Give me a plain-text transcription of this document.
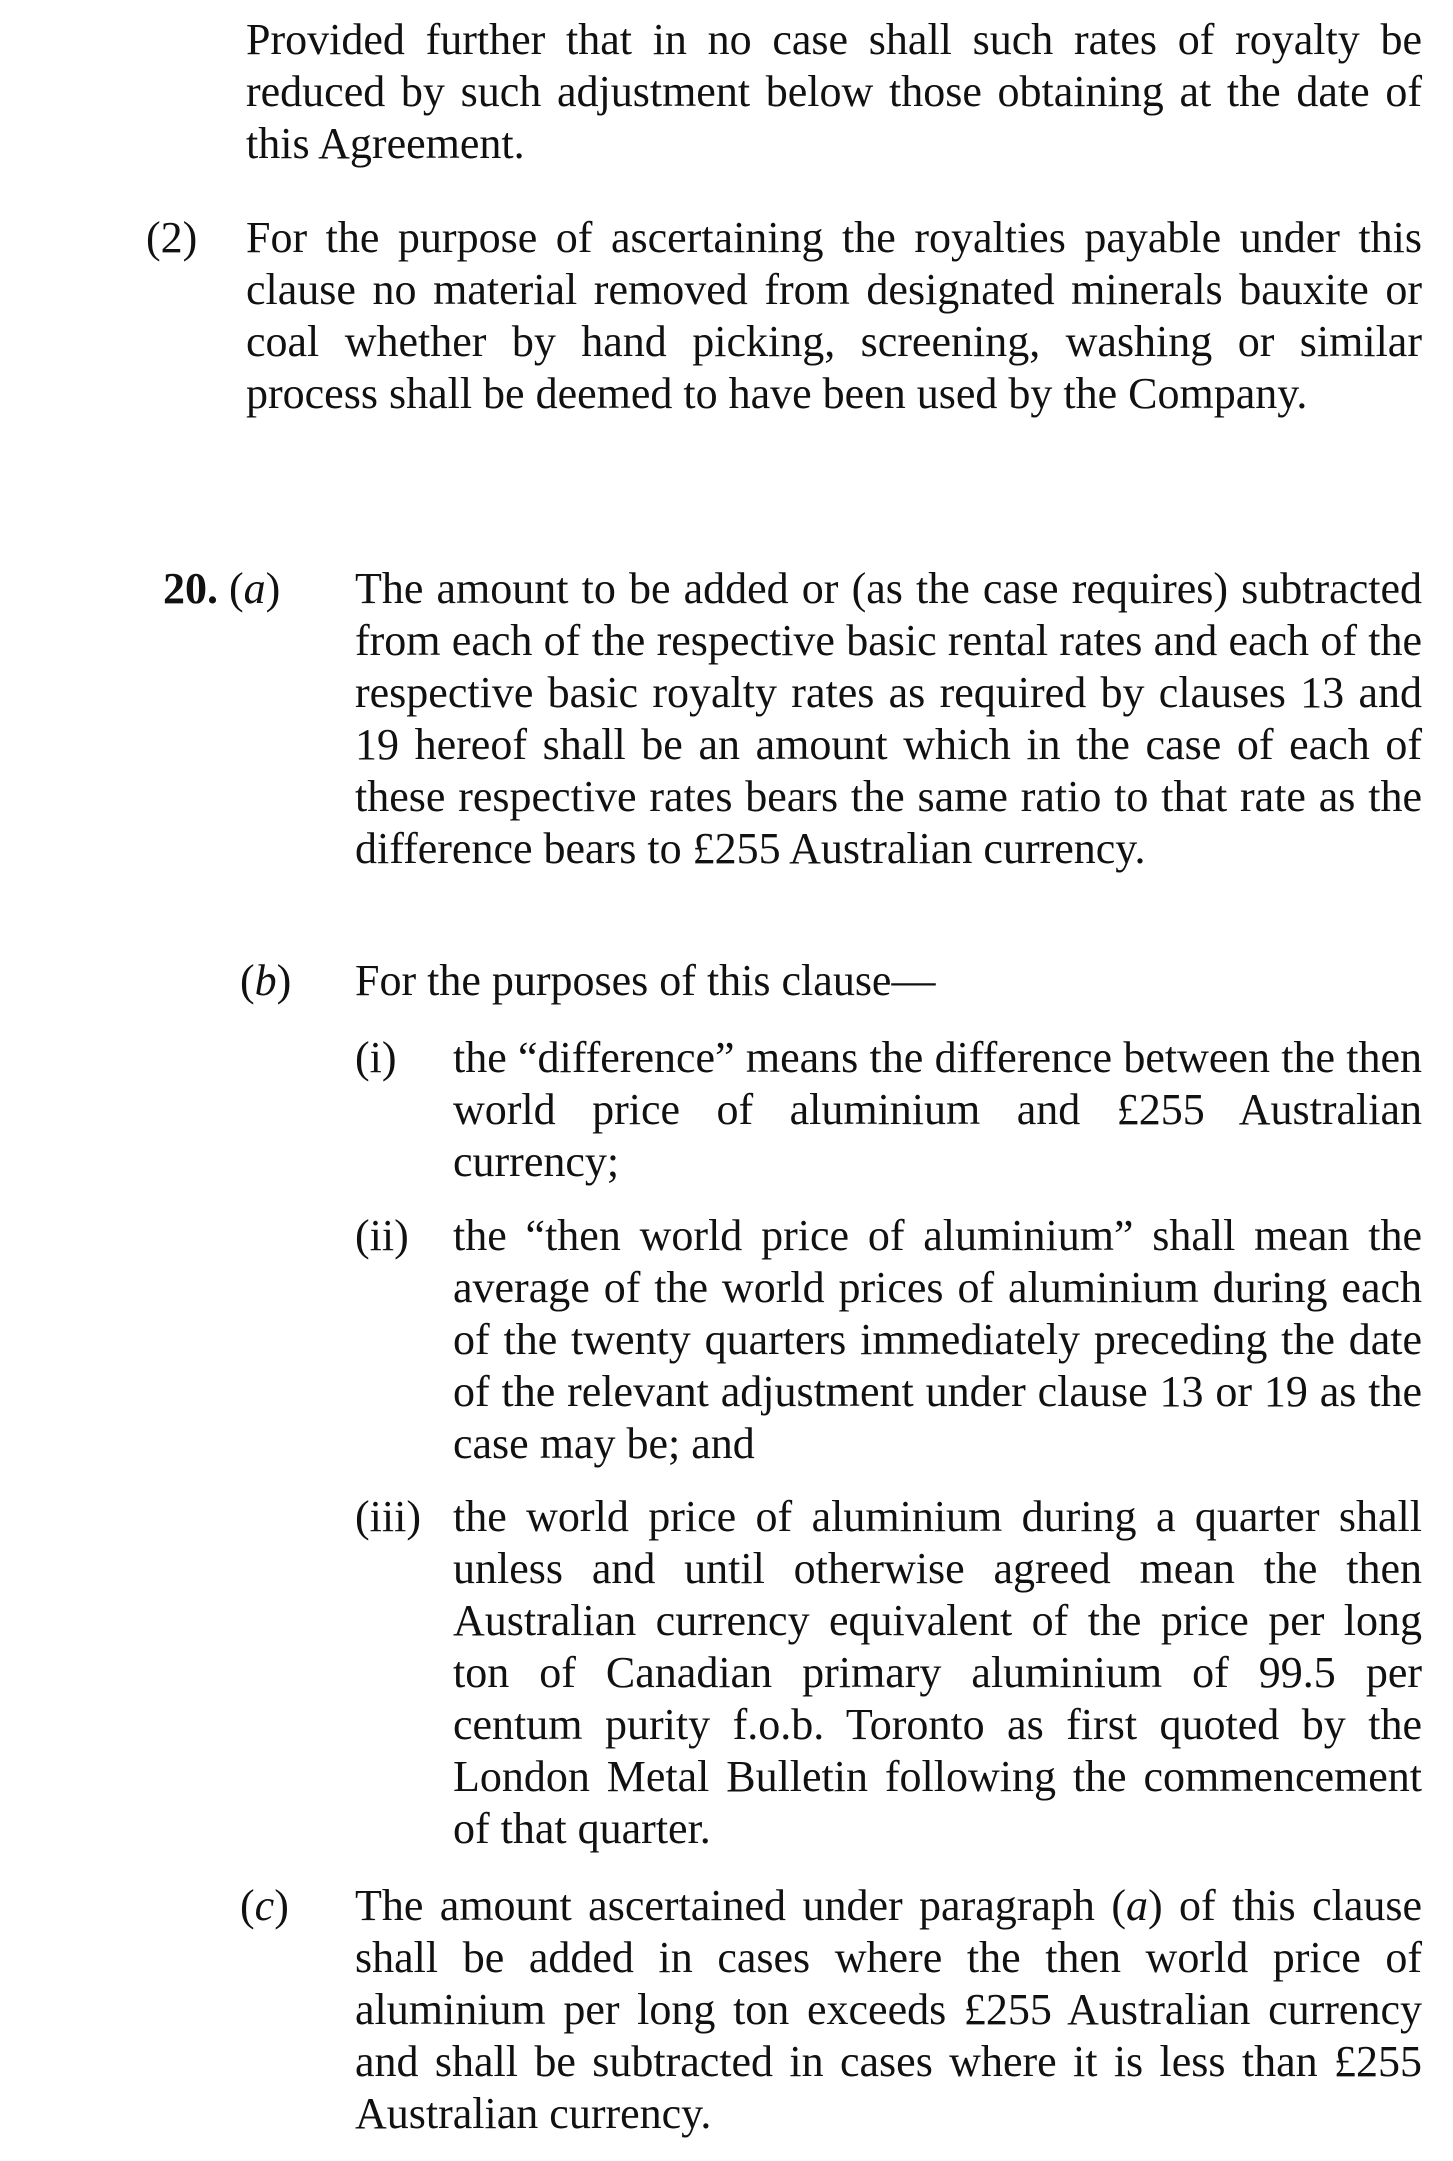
Provided further that in no case shall such rates of royalty be reduced by such adjustment below those obtaining at the date of this Agreement.

(2) For the purpose of ascertaining the royalties payable under this clause no material removed from designated minerals bauxite or coal whether by hand picking, screening, washing or similar process shall be deemed to have been used by the Company.

20. (a) The amount to be added or (as the case requires) subtracted from each of the respective basic rental rates and each of the respective basic royalty rates as required by clauses 13 and 19 hereof shall be an amount which in the case of each of these respective rates bears the same ratio to that rate as the difference bears to £255 Australian currency.

(b) For the purposes of this clause—

(i) the “difference” means the difference between the then world price of aluminium and £255 Australian currency;

(ii) the “then world price of aluminium” shall mean the average of the world prices of aluminium during each of the twenty quarters immediately preceding the date of the relevant adjustment under clause 13 or 19 as the case may be; and

(iii) the world price of aluminium during a quarter shall unless and until otherwise agreed mean the then Australian currency equivalent of the price per long ton of Canadian primary aluminium of 99.5 per centum purity f.o.b. Toronto as first quoted by the London Metal Bulletin following the commencement of that quarter.

(c) The amount ascertained under paragraph (a) of this clause shall be added in cases where the then world price of aluminium per long ton exceeds £255 Australian currency and shall be subtracted in cases where it is less than £255 Australian currency.
